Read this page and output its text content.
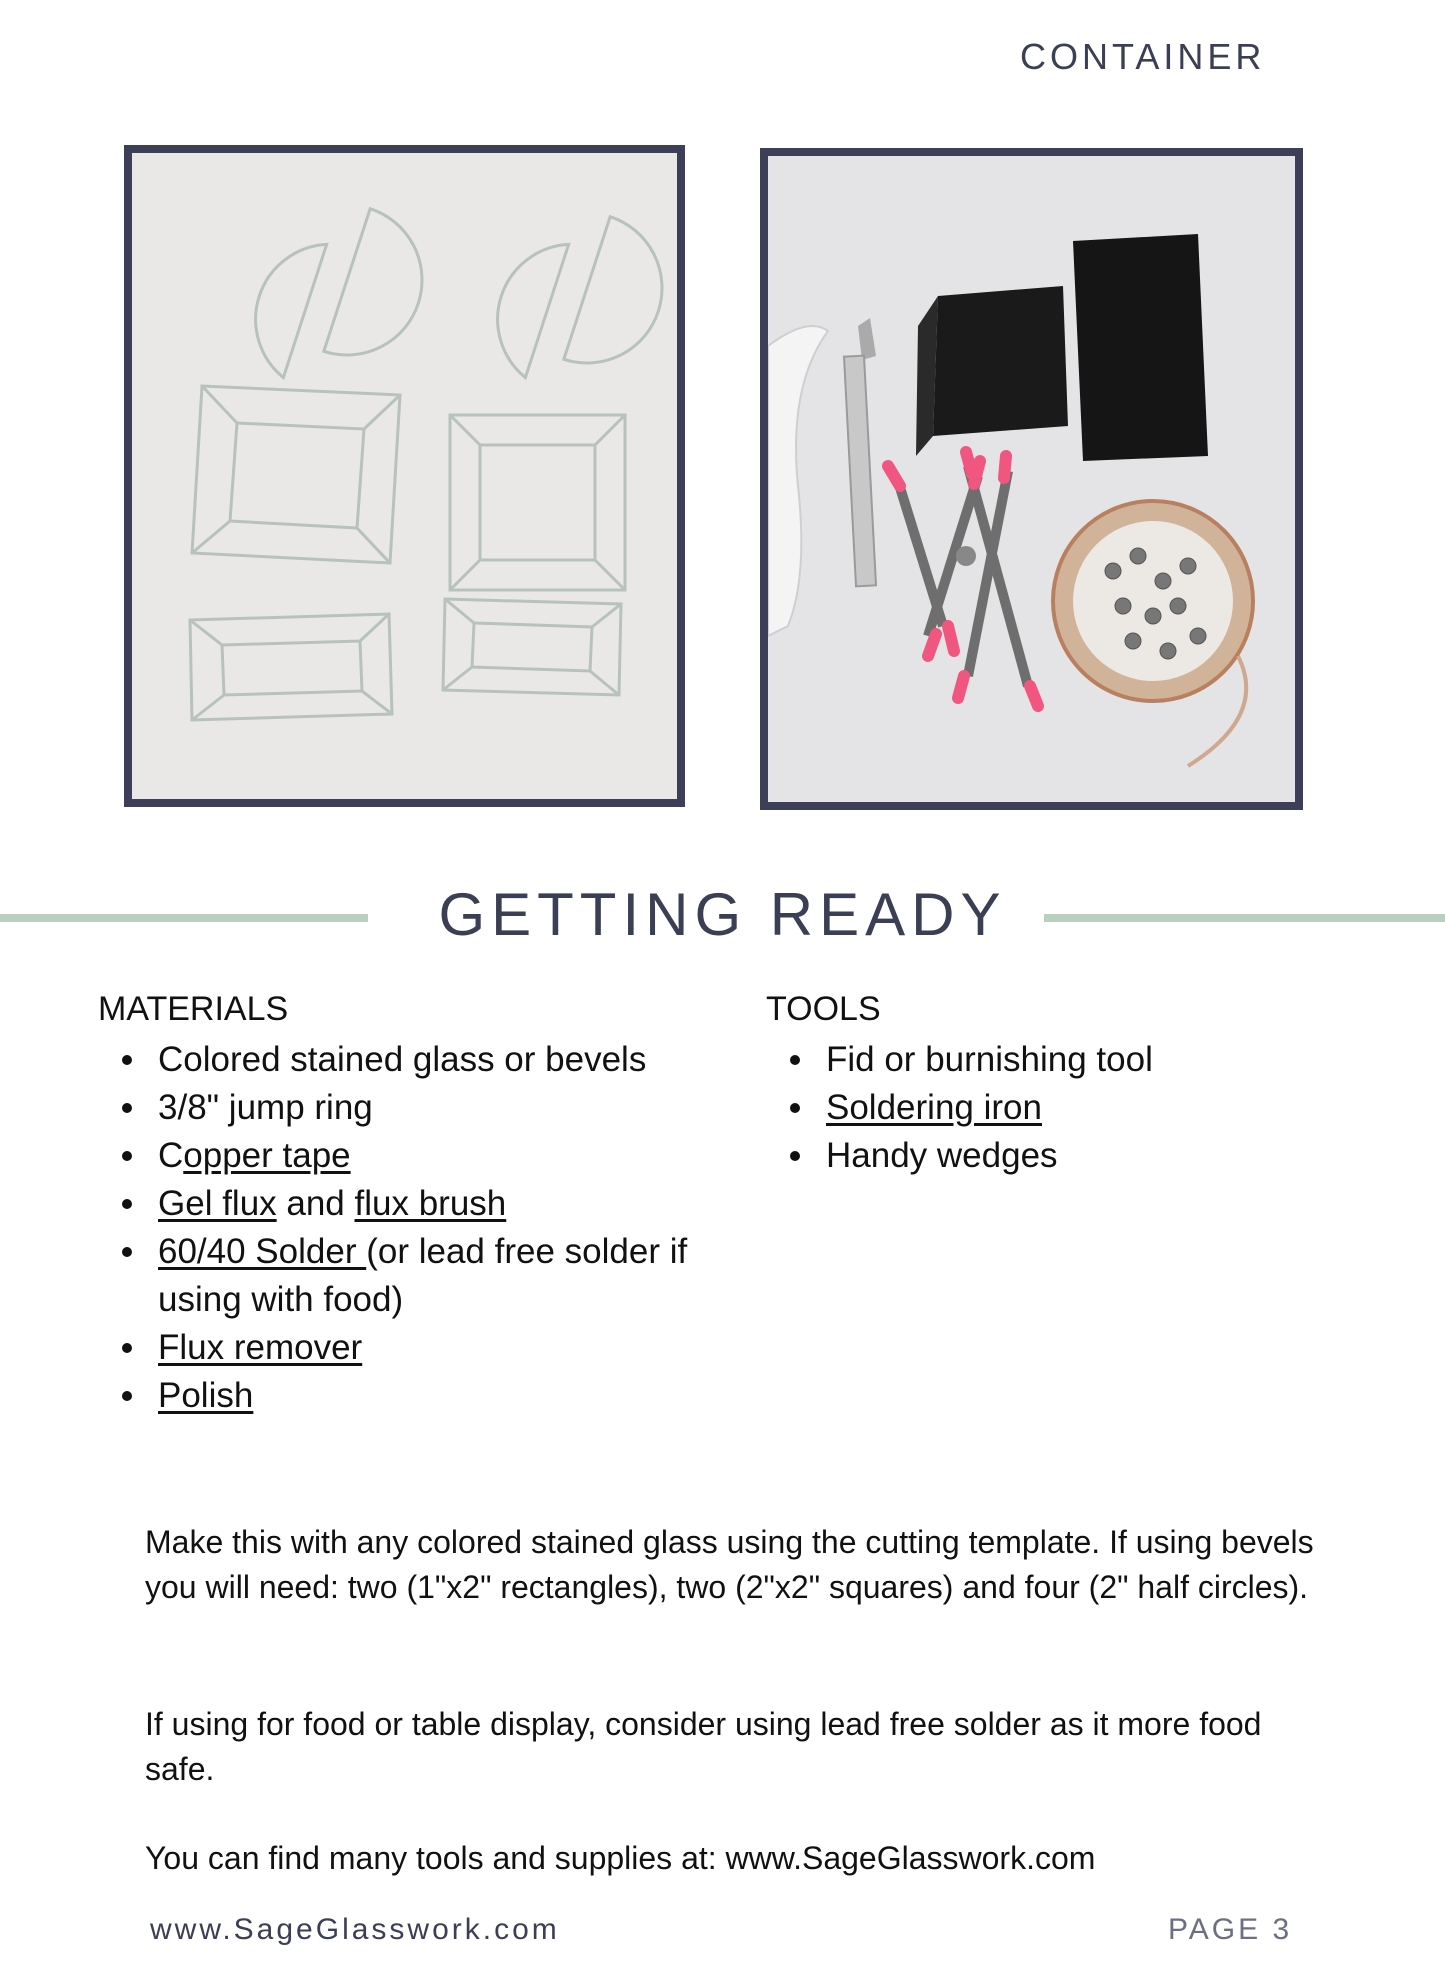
CONTAINER
GETTING READY
MATERIALS
Colored stained glass or bevels
3/8" jump ring
Copper tape
Gel flux and flux brush
60/40 Solder (or lead free solder if using with food)
Flux remover
Polish
TOOLS
Fid or burnishing tool
Soldering iron
Handy wedges

Make this with any colored stained glass using the cutting template. If using bevels you will need: two (1"x2" rectangles), two (2"x2" squares) and four (2" half circles).

If using for food or table display, consider using lead free solder as it more food safe.

You can find many tools and supplies at: www.SageGlasswork.com

www.SageGlasswork.com	PAGE 3
